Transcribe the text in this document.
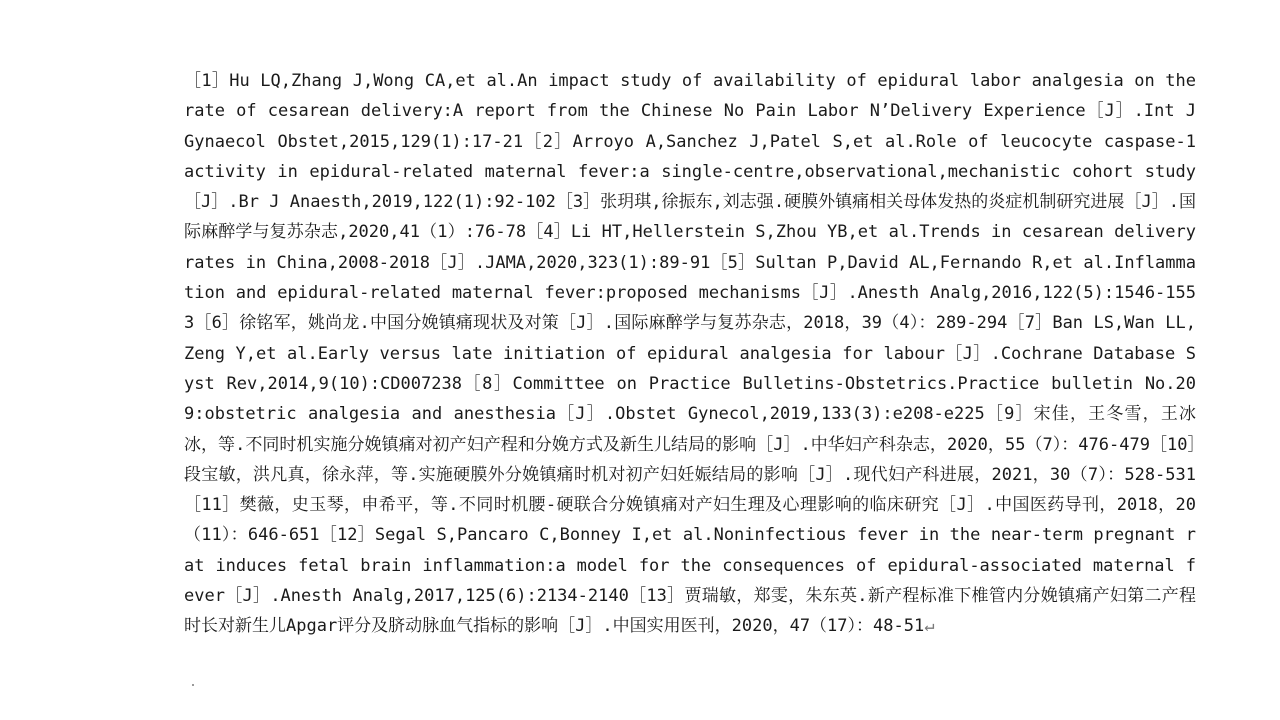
［1］Hu LQ,Zhang J,Wong CA,et al.An impact study of availability of epidural labor analgesia on the rate of cesarean delivery:A report from the Chinese No Pain Labor N’Delivery Experience［J］.Int J Gynaecol Obstet,2015,129(1):17-21［2］Arroyo A,Sanchez J,Patel S,et al.Role of leucocyte caspase-1 activity in epidural-related maternal fever:a single-centre,observational,mechanistic cohort study［J］.Br J Anaesth,2019,122(1):92-102［3］张玥琪,徐振东,刘志强.硬膜外镇痛相关母体发热的炎症机制研究进展［J］.国际麻醉学与复苏杂志,2020,41（1）:76-78［4］Li HT,Hellerstein S,Zhou YB,et al.Trends in cesarean delivery rates in China,2008-2018［J］.JAMA,2020,323(1):89-91［5］Sultan P,David AL,Fernando R,et al.Inflammation and epidural-related maternal fever:proposed mechanisms［J］.Anesth Analg,2016,122(5):1546-1553［6］徐铭军，姚尚龙.中国分娩镇痛现状及对策［J］.国际麻醉学与复苏杂志，2018，39（4）：289-294［7］Ban LS,Wan LL,Zeng Y,et al.Early versus late initiation of epidural analgesia for labour［J］.Cochrane Database Syst Rev,2014,9(10):CD007238［8］Committee on Practice Bulletins-Obstetrics.Practice bulletin No.209:obstetric analgesia and anesthesia［J］.Obstet Gynecol,2019,133(3):e208-e225［9］宋佳，王冬雪，王冰冰，等.不同时机实施分娩镇痛对初产妇产程和分娩方式及新生儿结局的影响［J］.中华妇产科杂志，2020，55（7）：476-479［10］段宝敏，洪凡真，徐永萍，等.实施硬膜外分娩镇痛时机对初产妇妊娠结局的影响［J］.现代妇产科进展，2021，30（7）：528-531［11］樊薇，史玉琴，申希平，等.不同时机腰-硬联合分娩镇痛对产妇生理及心理影响的临床研究［J］.中国医药导刊，2018，20（11）：646-651［12］Segal S,Pancaro C,Bonney I,et al.Noninfectious fever in the near-term pregnant rat induces fetal brain inflammation:a model for the consequences of epidural-associated maternal fever［J］.Anesth Analg,2017,125(6):2134-2140［13］贾瑞敏，郑雯，朱东英.新产程标准下椎管内分娩镇痛产妇第二产程时长对新生儿Apgar评分及脐动脉血气指标的影响［J］.中国实用医刊，2020，47（17）：48-51↵
